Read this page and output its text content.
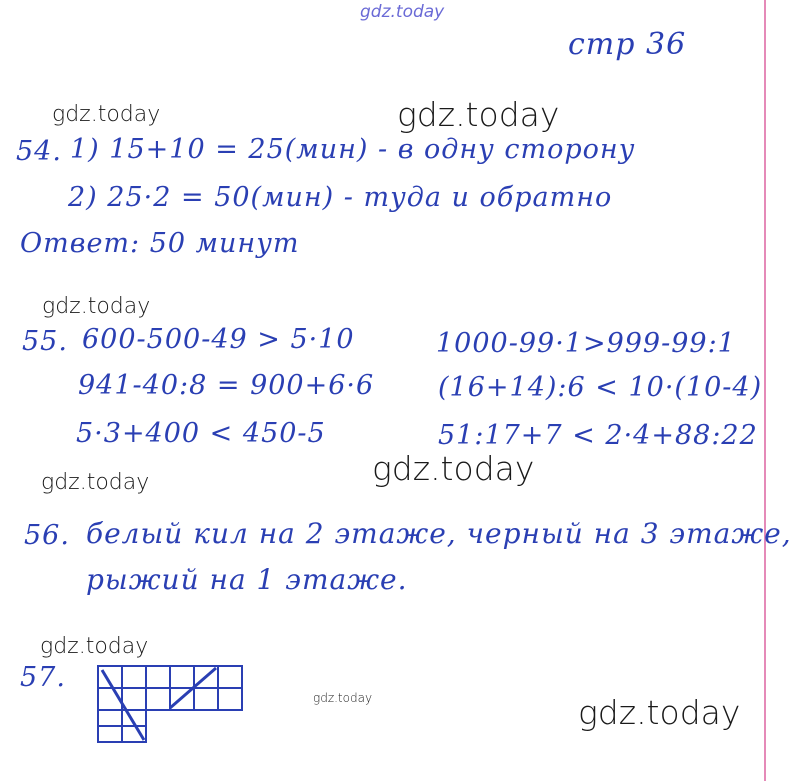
gdz.today
gdz.today	gdz.today
gdz.today
gdz.today
gdz.today
gdz.today
gdz.today	gdz.today
стр 36
54. 1) 15+10 = 25(мин) - в одну сторону
2) 25·2 = 50(мин) - туда и обратно
Ответ: 50 минут
55. 600-500-49 > 5·10
941-40:8 = 900+6·6
5·3+400 < 450-5
1000-99·1>999-99:1
(16+14):6 < 10·(10-4)
51:17+7 < 2·4+88:22
56. белый кил на 2 этаже, черный на 3 этаже,
рыжий на 1 этаже.
57.
